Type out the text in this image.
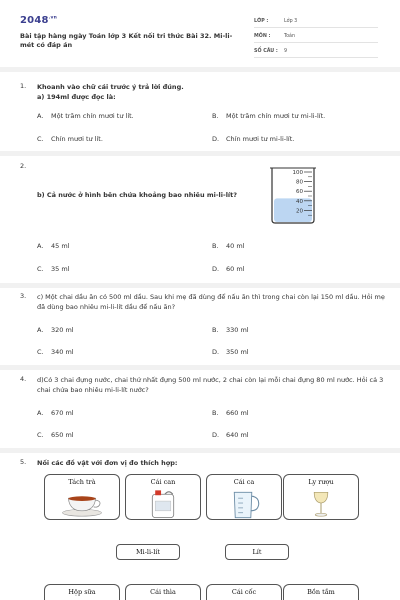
$2048^{.vn}$
Bài tập hàng ngày Toán lớp 3 Kết nối tri thức Bài 32. Mi-li-mét có đáp án
LỚP :	Lớp 3
MÔN :	Toán
SỐ CÂU : 9
1. Khoanh vào chữ cái trước ý trả lời đúng.
a) 194ml được đọc là:
A. Một trăm chín mươi tư lít.	B. Một trăm chín mươi tư mi-li-lít.
C. Chín mươi tư lít.	D. Chín mươi tư mi-li-lít.
2.
b) Cả nước ở hình bên chứa khoảng bao nhiêu mi-li-lít?
A. 45 ml	B. 40 ml
C. 35 ml	D. 60 ml
100
80
60
40
20
3. c) Một chai dầu ăn có 500 ml dầu. Sau khi mẹ đã dùng để nấu ăn thì trong chai còn lại 150 ml dầu. Hỏi mẹ đã dùng bao nhiêu mi-li-lít dầu để nấu ăn?
A. 320 ml	B. 330 ml
C. 340 ml	D. 350 ml
4. d)Có 3 chai đựng nước, chai thứ nhất đựng 500 ml nước, 2 chai còn lại mỗi chai đựng 80 ml nước. Hỏi cả 3 chai chứa bao nhiêu mi-li-lít nước?
A. 670 ml	B. 660 ml
C. 650 ml	D. 640 ml
5. Nối các đồ vật với đơn vị đo thích hợp:
Tách trà	Cái can	Cái ca	Ly rượu
Mi-li-lít	Lít
Hộp sữa	Cái thìa	Cái cốc	Bồn tắm
